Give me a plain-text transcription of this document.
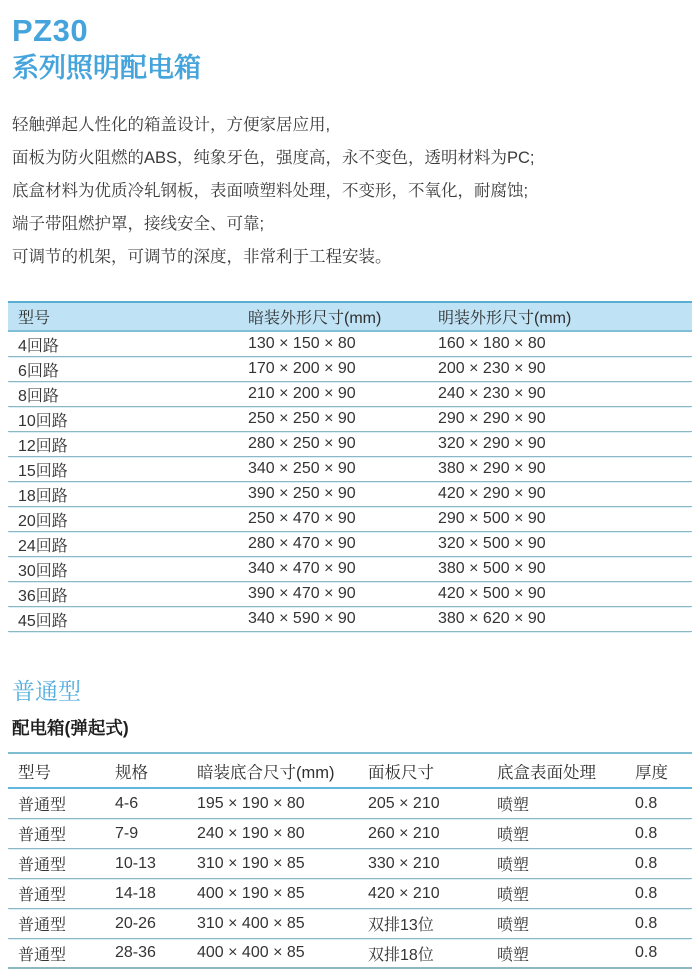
PZ30
系列照明配电箱

轻触弹起人性化的箱盖设计，方便家居应用,

面板为防火阻燃的ABS，纯象牙色，强度高，永不变色，透明材料为PC;

底盒材料为优质冷轧钢板，表面喷塑料处理，不变形，不氧化，耐腐蚀;

端子带阻燃护罩，接线安全、可靠;

可调节的机架，可调节的深度，非常利于工程安装。

型号	暗装外形尺寸(mm)	明装外形尺寸(mm)
4回路	130 × 150 × 80	160 × 180 × 80
6回路	170 × 200 × 90	200 × 230 × 90
8回路	210 × 200 × 90	240 × 230 × 90
10回路	250 × 250 × 90	290 × 290 × 90
12回路	280 × 250 × 90	320 × 290 × 90
15回路	340 × 250 × 90	380 × 290 × 90
18回路	390 × 250 × 90	420 × 290 × 90
20回路	250 × 470 × 90	290 × 500 × 90
24回路	280 × 470 × 90	320 × 500 × 90
30回路	340 × 470 × 90	380 × 500 × 90
36回路	390 × 470 × 90	420 × 500 × 90
45回路	340 × 590 × 90	380 × 620 × 90
普通型
配电箱(弹起式)
型号	规格	暗装底合尺寸(mm)	面板尺寸	底盒表面处理	厚度
普通型	4-6	195 × 190 × 80	205 × 210	喷塑	0.8
普通型	7-9	240 × 190 × 80	260 × 210	喷塑	0.8
普通型	10-13	310 × 190 × 85	330 × 210	喷塑	0.8
普通型	14-18	400 × 190 × 85	420 × 210	喷塑	0.8
普通型	20-26	310 × 400 × 85	双排13位	喷塑	0.8
普通型	28-36	400 × 400 × 85	双排18位	喷塑	0.8
